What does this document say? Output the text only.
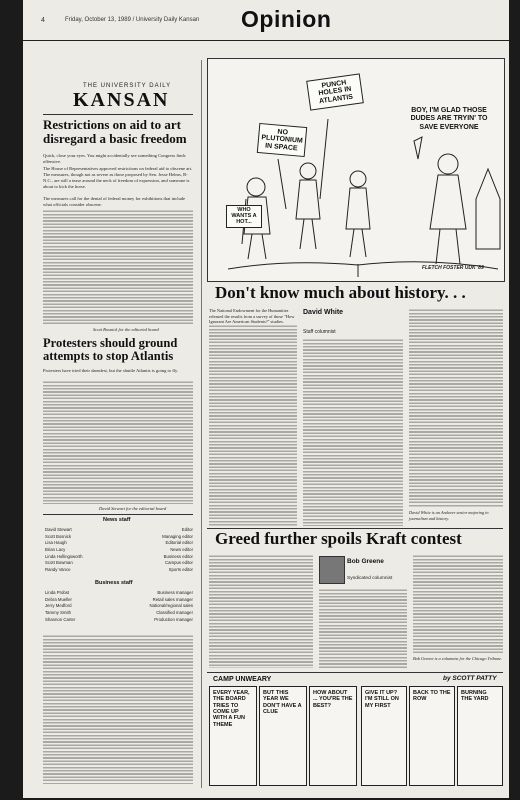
4	Friday, October 13, 1989 / University Daily Kansan Opinion
THE UNIVERSITY DAILY
KANSAN
Restrictions on aid to art disregard a basic freedom
Quick, close your eyes. You might accidentally see something Congress finds offensive.
The House of Representatives approved restrictions on federal aid to obscene art. The measures, though not as severe as those proposed by Sen. Jesse Helms, R-N.C., are still a tease around the neck of freedom of expression, and someone is about to kick the horse.
The measures call for the denial of federal money for exhibitions that include what officials consider obscene.
Scott Bosnick for the editorial board
Protesters should ground attempts to stop Atlantis
Protesters have tried their darndest, but the shuttle Atlantis is going to fly.
David Stewart for the editorial board
News staff
David Stewart	Editor
Scott Bosnick	Managing editor
Lisa Haugh	Editorial editor
Brian Lacy	News editor
Linda Hollingsworth	Business editor
Scott Bowman	Campus editor
Randy Vance	Sports editor
Business staff
Linda Probst	Business manager
Debra Mueller	Retail sales manager
Jerry Medford	National/regional sales
Tammy Smith	Classified manager
Shannon Carter	Production manager
PUNCH HOLES IN ATLANTIS
NO PLUTONIUM IN SPACE
WHO WANTS A HOT...
BOY, I'M GLAD THOSE DUDES ARE TRYIN' TO SAVE EVERYONE
FLETCH FOSTER UDK '89
Don't know much about history. . .
The National Endowment for the Humanities released the results from a survey of those "How Ignorant Are American Students?" studies.
David White
Staff columnist
David White is an Andover senior majoring in journalism and history.
Greed further spoils Kraft contest
Bob Greene
Syndicated columnist
Bob Greene is a columnist for the Chicago Tribune.
CAMP UNWEARY
EVERY YEAR, THE BOARD TRIES TO COME UP WITH A FUN THEME
BUT THIS YEAR WE DON'T HAVE A CLUE
HOW ABOUT ... YOU'RE THE BEST?
by SCOTT PATTY
GIVE IT UP? I'M STILL ON MY FIRST
BACK TO THE ROW
BURNING THE YARD
